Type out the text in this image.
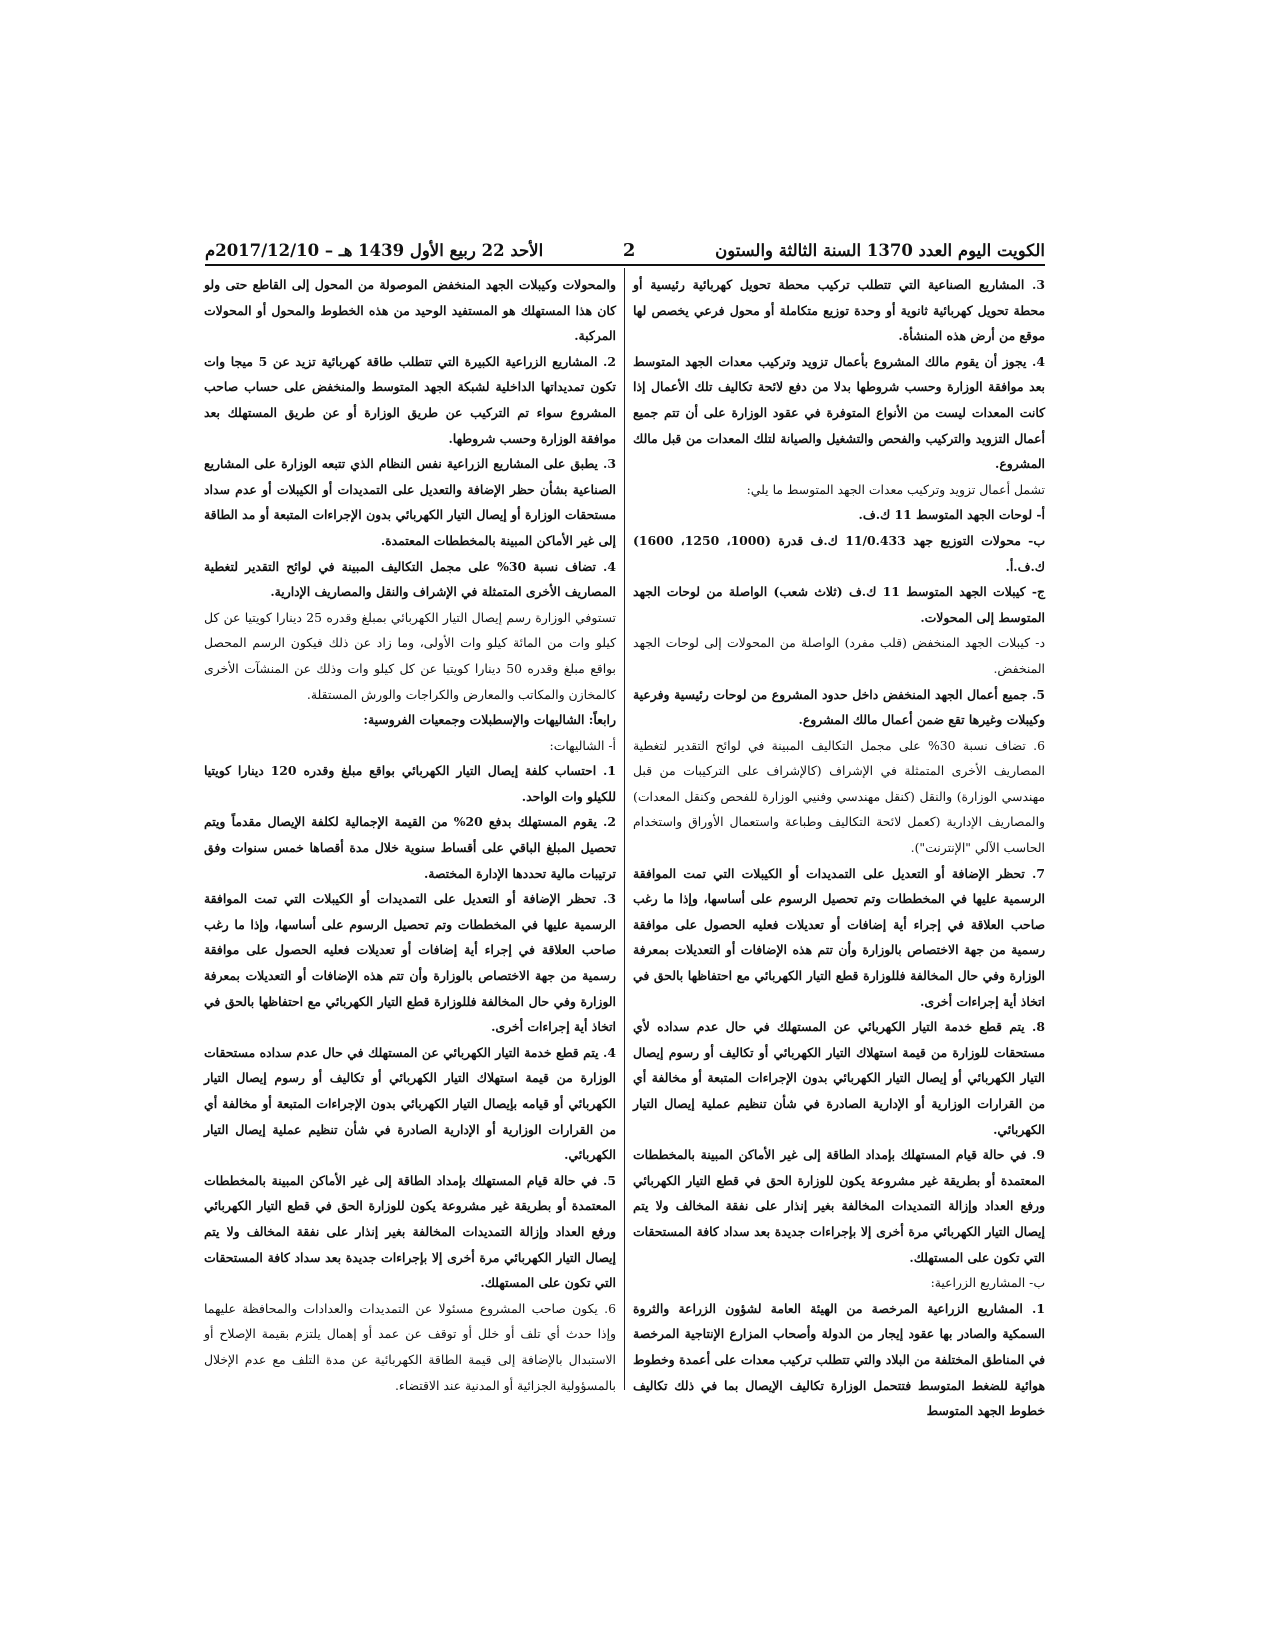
الكويت اليوم العدد 1370 السنة الثالثة والستون
2
الأحد 22 ربيع الأول 1439 هـ – 2017/12/10م

3. المشاريع الصناعية التي تتطلب تركيب محطة تحويل كهربائية رئيسية أو محطة تحويل كهربائية ثانوية أو وحدة توزيع متكاملة أو محول فرعي يخصص لها موقع من أرض هذه المنشأة.

4. يجوز أن يقوم مالك المشروع بأعمال تزويد وتركيب معدات الجهد المتوسط بعد موافقة الوزارة وحسب شروطها بدلا من دفع لائحة تكاليف تلك الأعمال إذا كانت المعدات ليست من الأنواع المتوفرة في عقود الوزارة على أن تتم جميع أعمال التزويد والتركيب والفحص والتشغيل والصيانة لتلك المعدات من قبل مالك المشروع.

تشمل أعمال تزويد وتركيب معدات الجهد المتوسط ما يلي:

أ- لوحات الجهد المتوسط 11 ك.ف.

ب- محولات التوزيع جهد 11/0.433 ك.ف قدرة (1000، 1250، 1600) ك.ف.أ.

ج- كيبلات الجهد المتوسط 11 ك.ف (ثلاث شعب) الواصلة من لوحات الجهد المتوسط إلى المحولات.

د- كيبلات الجهد المنخفض (قلب مفرد) الواصلة من المحولات إلى لوحات الجهد المنخفض.

5. جميع أعمال الجهد المنخفض داخل حدود المشروع من لوحات رئيسية وفرعية وكيبلات وغيرها تقع ضمن أعمال مالك المشروع.

6. تضاف نسبة 30% على مجمل التكاليف المبينة في لوائح التقدير لتغطية المصاريف الأخرى المتمثلة في الإشراف (كالإشراف على التركيبات من قبل مهندسي الوزارة) والنقل (كنقل مهندسي وفنيي الوزارة للفحص وكنقل المعدات) والمصاريف الإدارية (كعمل لائحة التكاليف وطباعة واستعمال الأوراق واستخدام الحاسب الآلي "الإنترنت").

7. تحظر الإضافة أو التعديل على التمديدات أو الكيبلات التي تمت الموافقة الرسمية عليها في المخططات وتم تحصيل الرسوم على أساسها، وإذا ما رغب صاحب العلاقة في إجراء أية إضافات أو تعديلات فعليه الحصول على موافقة رسمية من جهة الاختصاص بالوزارة وأن تتم هذه الإضافات أو التعديلات بمعرفة الوزارة وفي حال المخالفة فللوزارة قطع التيار الكهربائي مع احتفاظها بالحق في اتخاذ أية إجراءات أخرى.

8. يتم قطع خدمة التيار الكهربائي عن المستهلك في حال عدم سداده لأي مستحقات للوزارة من قيمة استهلاك التيار الكهربائي أو تكاليف أو رسوم إيصال التيار الكهربائي أو إيصال التيار الكهربائي بدون الإجراءات المتبعة أو مخالفة أي من القرارات الوزارية أو الإدارية الصادرة في شأن تنظيم عملية إيصال التيار الكهربائي.

9. في حالة قيام المستهلك بإمداد الطاقة إلى غير الأماكن المبينة بالمخططات المعتمدة أو بطريقة غير مشروعة يكون للوزارة الحق في قطع التيار الكهربائي ورفع العداد وإزالة التمديدات المخالفة بغير إنذار على نفقة المخالف ولا يتم إيصال التيار الكهربائي مرة أخرى إلا بإجراءات جديدة بعد سداد كافة المستحقات التي تكون على المستهلك.

ب- المشاريع الزراعية:

1. المشاريع الزراعية المرخصة من الهيئة العامة لشؤون الزراعة والثروة السمكية والصادر بها عقود إيجار من الدولة وأصحاب المزارع الإنتاجية المرخصة في المناطق المختلفة من البلاد والتي تتطلب تركيب معدات على أعمدة وخطوط هوائية للضغط المتوسط فتتحمل الوزارة تكاليف الإيصال بما في ذلك تكاليف خطوط الجهد المتوسط

والمحولات وكيبلات الجهد المنخفض الموصولة من المحول إلى القاطع حتى ولو كان هذا المستهلك هو المستفيد الوحيد من هذه الخطوط والمحول أو المحولات المركبة.

2. المشاريع الزراعية الكبيرة التي تتطلب طاقة كهربائية تزيد عن 5 ميجا وات تكون تمديداتها الداخلية لشبكة الجهد المتوسط والمنخفض على حساب صاحب المشروع سواء تم التركيب عن طريق الوزارة أو عن طريق المستهلك بعد موافقة الوزارة وحسب شروطها.

3. يطبق على المشاريع الزراعية نفس النظام الذي تتبعه الوزارة على المشاريع الصناعية بشأن حظر الإضافة والتعديل على التمديدات أو الكيبلات أو عدم سداد مستحقات الوزارة أو إيصال التيار الكهربائي بدون الإجراءات المتبعة أو مد الطاقة إلى غير الأماكن المبينة بالمخططات المعتمدة.

4. تضاف نسبة 30% على مجمل التكاليف المبينة في لوائح التقدير لتغطية المصاريف الأخرى المتمثلة في الإشراف والنقل والمصاريف الإدارية.

تستوفي الوزارة رسم إيصال التيار الكهربائي بمبلغ وقدره 25 دينارا كويتيا عن كل كيلو وات من المائة كيلو وات الأولى، وما زاد عن ذلك فيكون الرسم المحصل بواقع مبلغ وقدره 50 دينارا كويتيا عن كل كيلو وات وذلك عن المنشآت الأخرى كالمخازن والمكاتب والمعارض والكراجات والورش المستقلة.

رابعاً: الشاليهات والإسطبلات وجمعيات الفروسية:

أ- الشاليهات:

1. احتساب كلفة إيصال التيار الكهربائي بواقع مبلغ وقدره 120 دينارا كويتيا للكيلو وات الواحد.

2. يقوم المستهلك بدفع 20% من القيمة الإجمالية لكلفة الإيصال مقدماً ويتم تحصيل المبلغ الباقي على أقساط سنوية خلال مدة أقصاها خمس سنوات وفق ترتيبات مالية تحددها الإدارة المختصة.

3. تحظر الإضافة أو التعديل على التمديدات أو الكيبلات التي تمت الموافقة الرسمية عليها في المخططات وتم تحصيل الرسوم على أساسها، وإذا ما رغب صاحب العلاقة في إجراء أية إضافات أو تعديلات فعليه الحصول على موافقة رسمية من جهة الاختصاص بالوزارة وأن تتم هذه الإضافات أو التعديلات بمعرفة الوزارة وفي حال المخالفة فللوزارة قطع التيار الكهربائي مع احتفاظها بالحق في اتخاذ أية إجراءات أخرى.

4. يتم قطع خدمة التيار الكهربائي عن المستهلك في حال عدم سداده مستحقات الوزارة من قيمة استهلاك التيار الكهربائي أو تكاليف أو رسوم إيصال التيار الكهربائي أو قيامه بإيصال التيار الكهربائي بدون الإجراءات المتبعة أو مخالفة أي من القرارات الوزارية أو الإدارية الصادرة في شأن تنظيم عملية إيصال التيار الكهربائي.

5. في حالة قيام المستهلك بإمداد الطاقة إلى غير الأماكن المبينة بالمخططات المعتمدة أو بطريقة غير مشروعة يكون للوزارة الحق في قطع التيار الكهربائي ورفع العداد وإزالة التمديدات المخالفة بغير إنذار على نفقة المخالف ولا يتم إيصال التيار الكهربائي مرة أخرى إلا بإجراءات جديدة بعد سداد كافة المستحقات التي تكون على المستهلك.

6. يكون صاحب المشروع مسئولا عن التمديدات والعدادات والمحافظة عليهما وإذا حدث أي تلف أو خلل أو توقف عن عمد أو إهمال يلتزم بقيمة الإصلاح أو الاستبدال بالإضافة إلى قيمة الطاقة الكهربائية عن مدة التلف مع عدم الإخلال بالمسؤولية الجزائية أو المدنية عند الاقتضاء.
